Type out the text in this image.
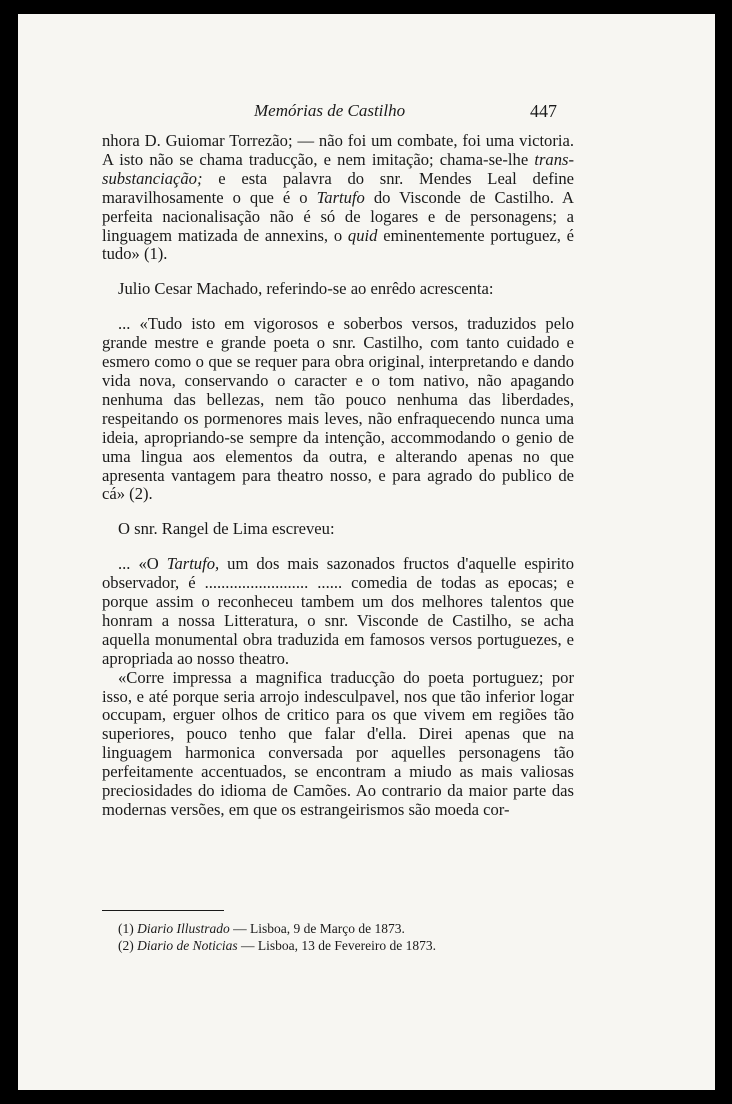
Memórias de Castilho	447

nhora D. Guiomar Torrezão; — não foi um combate, foi uma victoria. A isto não se chama traducção, e nem imitação; chama-se-lhe trans-substanciação; e esta palavra do snr. Mendes Leal define maravilhosamente o que é o Tartufo do Visconde de Castilho. A perfeita nacionalisação não é só de logares e de personagens; a linguagem matizada de annexins, o quid eminentemente portuguez, é tudo» (1).

Julio Cesar Machado, referindo-se ao enrêdo acrescenta:

... «Tudo isto em vigorosos e soberbos versos, traduzidos pelo grande mestre e grande poeta o snr. Castilho, com tanto cuidado e esmero como o que se requer para obra original, interpretando e dando vida nova, conservando o caracter e o tom nativo, não apagando nenhuma das bellezas, nem tão pouco nenhuma das liberdades, respeitando os pormenores mais leves, não enfraquecendo nunca uma ideia, apropriando-se sempre da intenção, accommodando o genio de uma lingua aos elementos da outra, e alterando apenas no que apresenta vantagem para theatro nosso, e para agrado do publico de cá» (2).

O snr. Rangel de Lima escreveu:

... «O Tartufo, um dos mais sazonados fructos d'aquelle espirito observador, é ......................... ...... comedia de todas as epocas; e porque assim o reconheceu tambem um dos melhores talentos que honram a nossa Litteratura, o snr. Visconde de Castilho, se acha aquella monumental obra traduzida em famosos versos portuguezes, e apropriada ao nosso theatro.

«Corre impressa a magnifica traducção do poeta portuguez; por isso, e até porque seria arrojo indesculpavel, nos que tão inferior logar occupam, erguer olhos de critico para os que vivem em regiões tão superiores, pouco tenho que falar d'ella. Direi apenas que na linguagem harmonica conversada por aquelles personagens tão perfeitamente accentuados, se encontram a miudo as mais valiosas preciosidades do idioma de Camões. Ao contrario da maior parte das modernas versões, em que os estrangeirismos são moeda cor-

(1) Diario Illustrado — Lisboa, 9 de Março de 1873.
(2) Diario de Noticias — Lisboa, 13 de Fevereiro de 1873.
